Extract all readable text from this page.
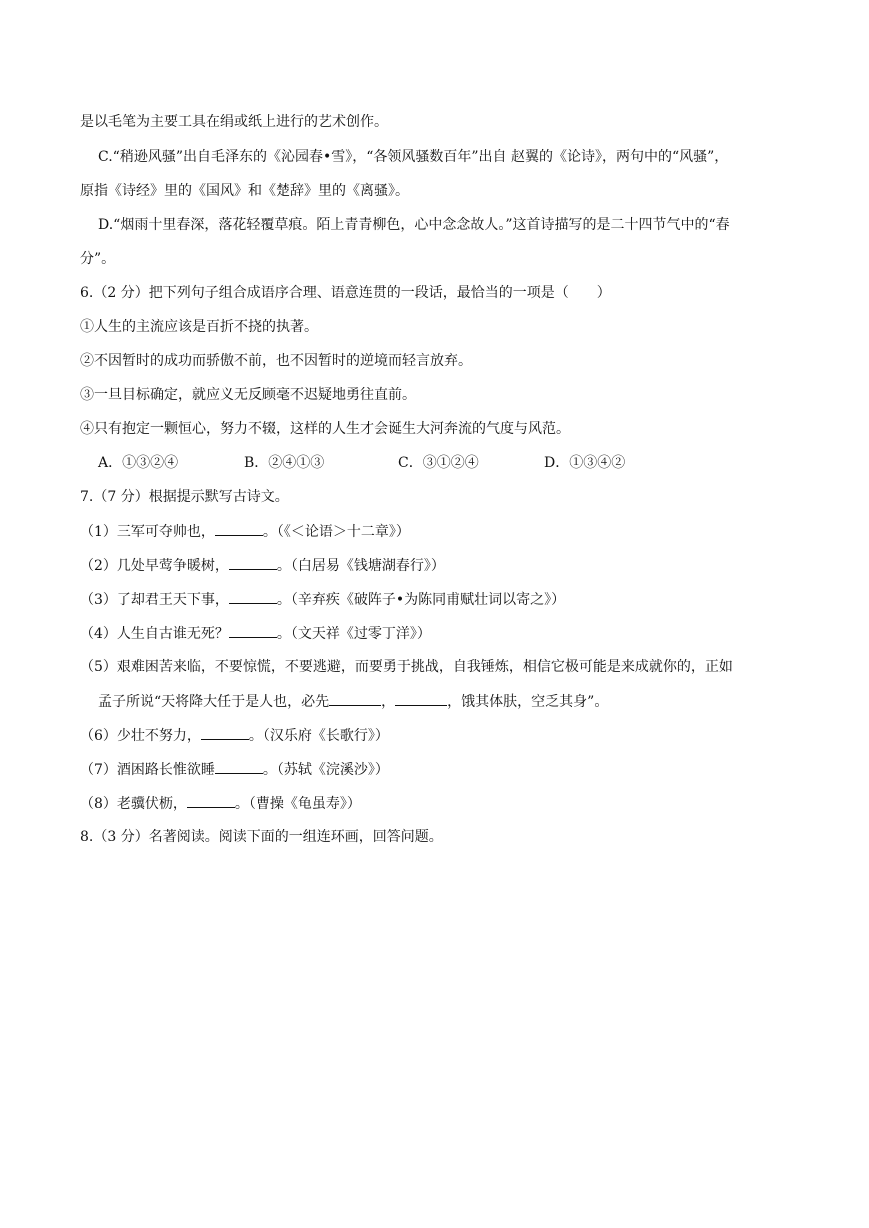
是以毛笔为主要工具在绢或纸上进行的艺术创作。
C.“稍逊风骚”出自毛泽东的《沁园春•雪》，“各领风骚数百年”出自 赵翼的《论诗》，两句中的“风骚”，
原指《诗经》里的《国风》和《楚辞》里的《离骚》。
D.“烟雨十里春深，落花轻覆草痕。陌上青青柳色，心中念念故人。”这首诗描写的是二十四节气中的“春
分”。
6.（2 分）把下列句子组合成语序合理、语意连贯的一段话，最恰当的一项是（　　）
①人生的主流应该是百折不挠的执著。
②不因暂时的成功而骄傲不前，也不因暂时的逆境而轻言放弃。
③一旦目标确定，就应义无反顾毫不迟疑地勇往直前。
④只有抱定一颗恒心，努力不辍，这样的人生才会诞生大河奔流的气度与风范。
A．①③②④	B．②④①③	C．③①②④	D．①③④②
7.（7 分）根据提示默写古诗文。
（1）三军可夺帅也，	。（《＜论语＞十二章》）
（2）几处早莺争暖树，	。（白居易《钱塘湖春行》）
（3）了却君王天下事，	。（辛弃疾《破阵子•为陈同甫赋壮词以寄之》）
（4）人生自古谁无死？	。（文天祥《过零丁洋》）
（5）艰难困苦来临，不要惊慌，不要逃避，而要勇于挑战，自我锤炼，相信它极可能是来成就你的，正如
孟子所说“天将降大任于是人也，必先	，	，饿其体肤，空乏其身”。
（6）少壮不努力，	。（汉乐府《长歌行》）
（7）酒困路长惟欲睡	。（苏轼《浣溪沙》）
（8）老骥伏枥，	。（曹操《龟虽寿》）
8.（3 分）名著阅读。阅读下面的一组连环画，回答问题。
